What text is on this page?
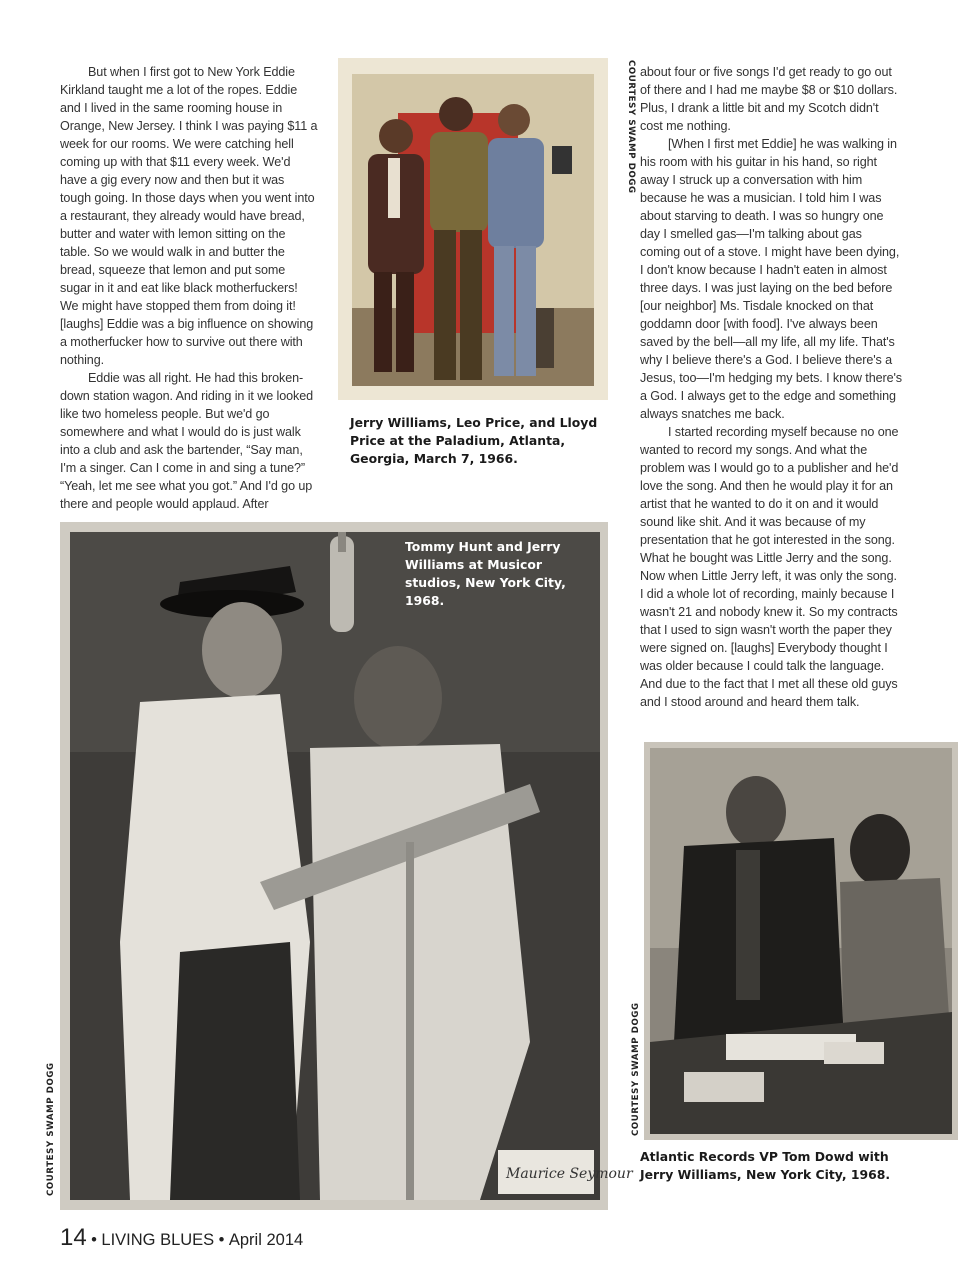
But when I first got to New York Eddie Kirkland taught me a lot of the ropes. Eddie and I lived in the same rooming house in Orange, New Jersey. I think I was paying $11 a week for our rooms. We were catching hell coming up with that $11 every week. We'd have a gig every now and then but it was tough going. In those days when you went into a restaurant, they already would have bread, butter and water with lemon sitting on the table. So we would walk in and butter the bread, squeeze that lemon and put some sugar in it and eat like black motherfuckers! We might have stopped them from doing it! [laughs] Eddie was a big influence on showing a motherfucker how to survive out there with nothing.

Eddie was all right. He had this broken-down station wagon. And riding in it we looked like two homeless people. But we'd go somewhere and what I would do is just walk into a club and ask the bartender, “Say man, I'm a singer. Can I come in and sing a tune?” “Yeah, let me see what you got.” And I'd go up there and people would applaud. After

about four or five songs I'd get ready to go out of there and I had me maybe $8 or $10 dollars. Plus, I drank a little bit and my Scotch didn't cost me nothing.

[When I first met Eddie] he was walking in his room with his guitar in his hand, so right away I struck up a conversation with him because he was a musician. I told him I was about starving to death. I was so hungry one day I smelled gas—I'm talking about gas coming out of a stove. I might have been dying, I don't know because I hadn't eaten in almost three days. I was just laying on the bed before [our neighbor] Ms. Tisdale knocked on that goddamn door [with food]. I've always been saved by the bell—all my life, all my life. That's why I believe there's a God. I believe there's a Jesus, too—I'm hedging my bets. I know there's a God. I always get to the edge and something always snatches me back.

I started recording myself because no one wanted to record my songs. And what the problem was I would go to a publisher and he'd love the song. And then he would play it for an artist that he wanted to do it on and it would sound like shit. And it was because of my presentation that he got interested in the song. What he bought was Little Jerry and the song. Now when Little Jerry left, it was only the song. I did a whole lot of recording, mainly because I wasn't 21 and nobody knew it. So my contracts that I used to sign wasn't worth the paper they were signed on. [laughs] Everybody thought I was older because I could talk the language. And due to the fact that I met all these old guys and I stood around and heard them talk.

COURTESY SWAMP DOGG
Jerry Williams, Leo Price, and Lloyd Price at the Paladium, Atlanta, Georgia, March 7, 1966.
Maurice Seymour
Tommy Hunt and Jerry Williams at Musicor studios, New York City, 1968.
COURTESY SWAMP DOGG	COURTESY SWAMP DOGG
Atlantic Records VP Tom Dowd with Jerry Williams, New York City, 1968.
14 • LIVING BLUES • April 2014
